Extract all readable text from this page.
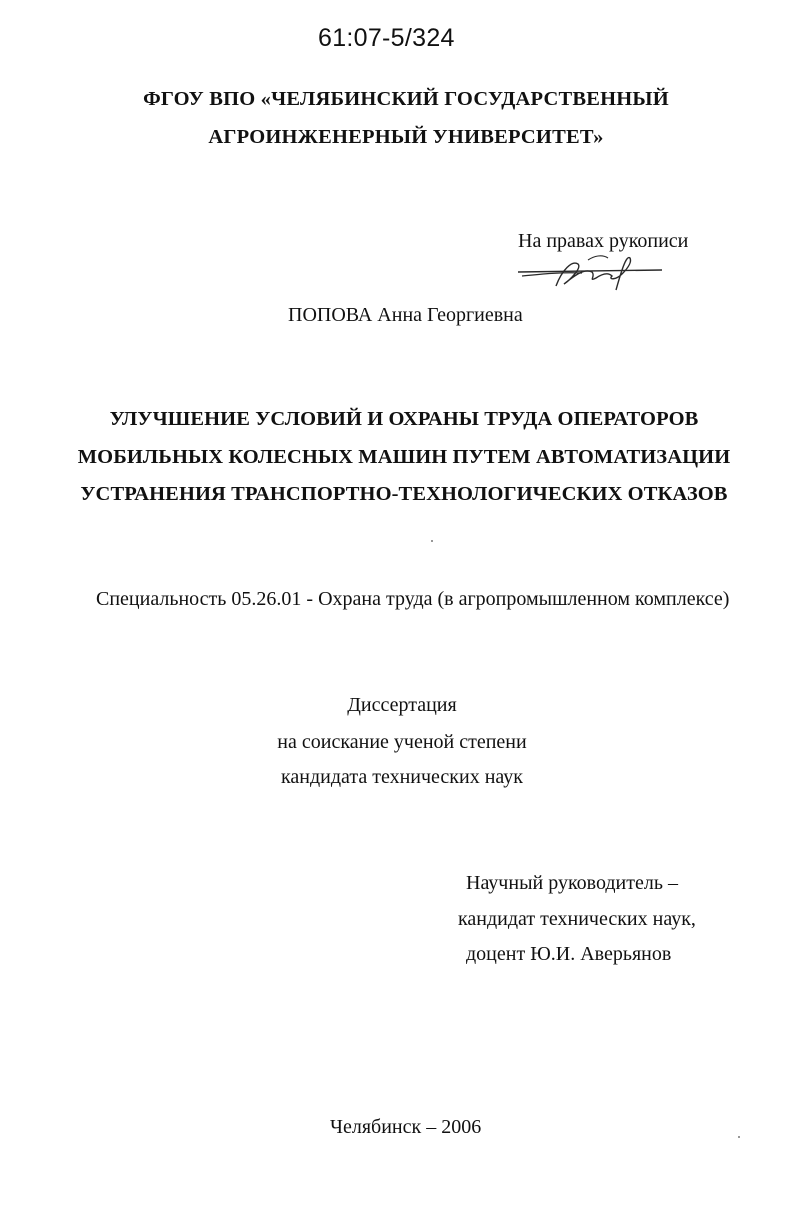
61:07-5/324
ФГОУ ВПО «ЧЕЛЯБИНСКИЙ ГОСУДАРСТВЕННЫЙ
АГРОИНЖЕНЕРНЫЙ УНИВЕРСИТЕТ»
На правах рукописи
ПОПОВА Анна Георгиевна
УЛУЧШЕНИЕ УСЛОВИЙ И ОХРАНЫ ТРУДА ОПЕРАТОРОВ
МОБИЛЬНЫХ КОЛЕСНЫХ МАШИН ПУТЕМ АВТОМАТИЗАЦИИ
УСТРАНЕНИЯ ТРАНСПОРТНО-ТЕХНОЛОГИЧЕСКИХ ОТКАЗОВ
Специальность 05.26.01 - Охрана труда (в агропромышленном комплексе)
Диссертация
на соискание ученой степени
кандидата технических наук
Научный руководитель –
кандидат технических наук,
доцент Ю.И. Аверьянов
Челябинск – 2006
